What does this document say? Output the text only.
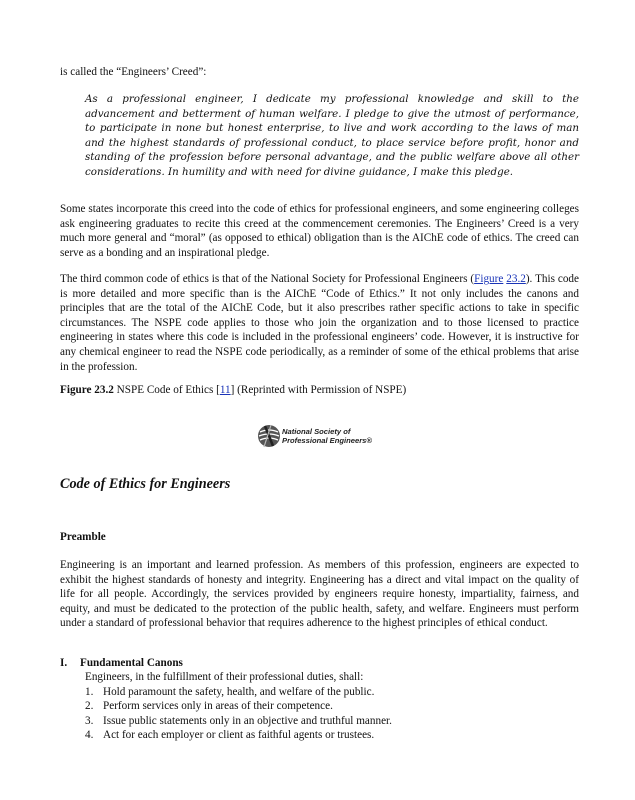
is called the “Engineers’ Creed”:

As a professional engineer, I dedicate my professional knowledge and skill to the advancement and betterment of human welfare. I pledge to give the utmost of performance, to participate in none but honest enterprise, to live and work according to the laws of man and the highest standards of professional conduct, to place service before profit, honor and standing of the profession before personal advantage, and the public welfare above all other considerations. In humility and with need for divine guidance, I make this pledge.

Some states incorporate this creed into the code of ethics for professional engineers, and some engineering colleges ask engineering graduates to recite this creed at the commencement ceremonies. The Engineers’ Creed is a very much more general and “moral” (as opposed to ethical) obligation than is the AIChE code of ethics. The creed can serve as a bonding and an inspirational pledge.

The third common code of ethics is that of the National Society for Professional Engineers (Figure 23.2). This code is more detailed and more specific than is the AIChE “Code of Ethics.” It not only includes the canons and principles that are the total of the AIChE Code, but it also prescribes rather specific actions to take in specific circumstances. The NSPE code applies to those who join the organization and to those licensed to practice engineering in states where this code is included in the professional engineers’ code. However, it is instructive for any chemical engineer to read the NSPE code periodically, as a reminder of some of the ethical problems that arise in the profession.

Figure 23.2 NSPE Code of Ethics [11] (Reprinted with Permission of NSPE)

National Society of
Professional Engineers®
Code of Ethics for Engineers

Preamble

Engineering is an important and learned profession. As members of this profession, engineers are expected to exhibit the highest standards of honesty and integrity. Engineering has a direct and vital impact on the quality of life for all people. Accordingly, the services provided by engineers require honesty, impartiality, fairness, and equity, and must be dedicated to the protection of the public health, safety, and welfare. Engineers must perform under a standard of professional behavior that requires adherence to the highest principles of ethical conduct.

I. Fundamental Canons

Engineers, in the fulfillment of their professional duties, shall:

1. Hold paramount the safety, health, and welfare of the public.
2. Perform services only in areas of their competence.
3. Issue public statements only in an objective and truthful manner.
4. Act for each employer or client as faithful agents or trustees.
